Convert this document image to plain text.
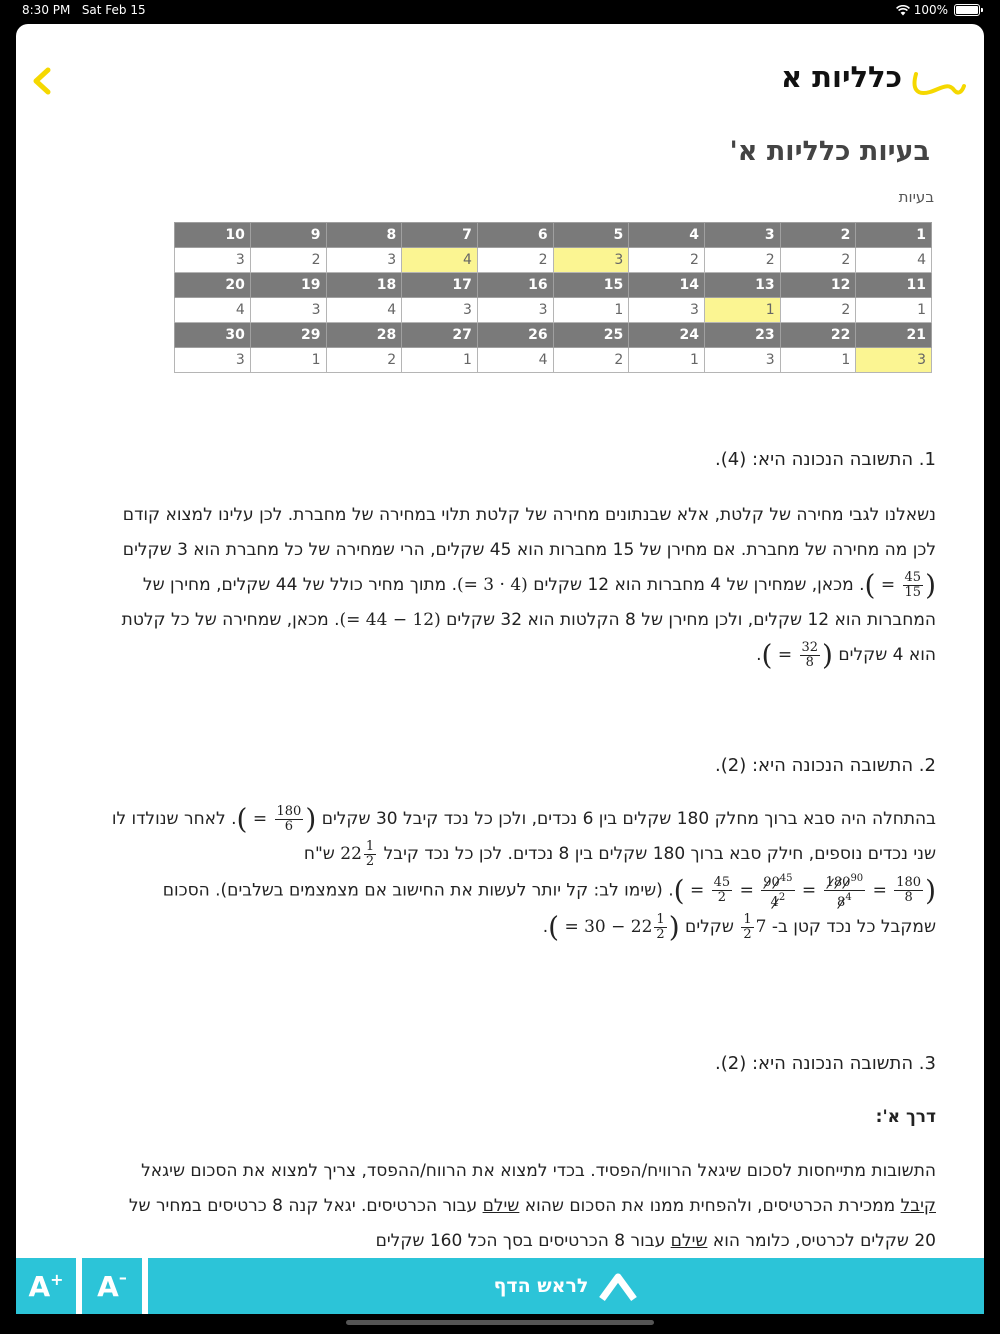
8:30 PM Sat Feb 15	100%
כלליות א
בעיות כלליות א'
בעיות
1	2	3	4	5	6	7	8	9	10
4	2	2	2	3	2	4	3	2	3
11	12	13	14	15	16	17	18	19	20
1	2	1	3	1	3	3	4	3	4
21	22	23	24	25	26	27	28	29	30
3	1	3	1	2	4	1	2	1	3
1. התשובה הנכונה היא: (4).
נשאלנו לגבי מחירה של קלטת, אלא שבנתונים מחירה של קלטת תלוי במחירה של מחברת. לכן עלינו למצוא קודם לכן מה מחירה של מחברת. אם מחירן של 15 מחברות הוא 45 שקלים, הרי שמחירה של כל מחברת הוא 3 שקלים ( = $\frac{45}{15}$ ). מכאן, שמחירן של 4 מחברות הוא 12 שקלים (= 3 · 4). מתוך מחיר כולל של 44 שקלים, מחירן של המחברות הוא 12 שקלים, ולכן מחירן של 8 הקלטות הוא 32 שקלים (= 44 − 12). מכאן, שמחירה של כל קלטת הוא 4 שקלים ( = $\frac{32}{8}$ ).
2. התשובה הנכונה היא: (2).
בהתחלה היה סבא ברוך מחלק 180 שקלים בין 6 נכדים, ולכן כל נכד קיבל 30 שקלים ( = $\frac{180}{6}$ ). לאחר שנולדו לו שני נכדים נוספים, חילק סבא ברוך 180 שקלים בין 8 נכדים. לכן כל נכד קיבל $22 \frac{1}{2}$
ש"ח ( = $\frac{45}{2} = \frac{90^{45}}{4^2} = \frac{180^{90}}{8^4} = \frac{180}{8}$ ). (שימו לב: קל יותר לעשות את החישוב אם מצמצמים בשלבים). הסכום שמקבל כל נכד קטן ב-
$\frac{1}{2} 7$ שקלים ( = $30 - 22 \frac{1}{2}$ ).
3. התשובה הנכונה היא: (2).
דרך א':
התשובות מתייחסות לסכום שיגאל הרוויח/הפסיד. בכדי למצוא את הרווח/ההפסד, צריך למצוא את הסכום שיגאל קיבל ממכירת הכרטיסים, ולהפחית ממנו את הסכום שהוא שילם עבור הכרטיסים. יגאל קנה 8 כרטיסים במחיר של 20 שקלים לכרטיס, כלומר הוא שילם עבור 8 הכרטיסים בסך הכל 160 שקלים
A + A –	לראש הדף
